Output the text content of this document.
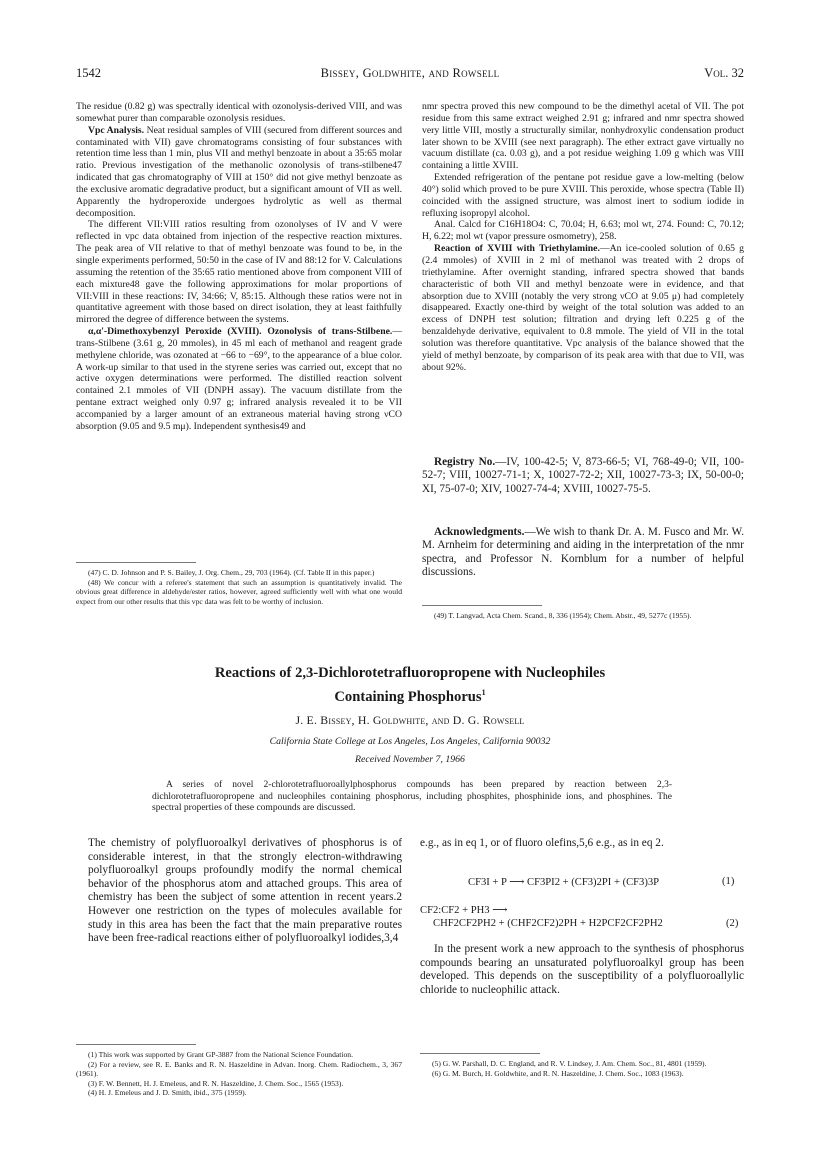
1542	Bissey, Goldwhite, and Rowsell	Vol. 32

The residue (0.82 g) was spectrally identical with ozonolysis-derived VIII, and was somewhat purer than comparable ozonolysis residues.

Vpc Analysis. Neat residual samples of VIII (secured from different sources and contaminated with VII) gave chromatograms consisting of four substances with retention time less than 1 min, plus VII and methyl benzoate in about a 35:65 molar ratio. Previous investigation of the methanolic ozonolysis of trans-stilbene47 indicated that gas chromatography of VIII at 150° did not give methyl benzoate as the exclusive aromatic degradative product, but a significant amount of VII as well. Apparently the hydroperoxide undergoes hydrolytic as well as thermal decomposition.

The different VII:VIII ratios resulting from ozonolyses of IV and V were reflected in vpc data obtained from injection of the respective reaction mixtures. The peak area of VII relative to that of methyl benzoate was found to be, in the single experiments performed, 50:50 in the case of IV and 88:12 for V. Calculations assuming the retention of the 35:65 ratio mentioned above from component VIII of each mixture48 gave the following approximations for molar proportions of VII:VIII in these reactions: IV, 34:66; V, 85:15. Although these ratios were not in quantitative agreement with those based on direct isolation, they at least faithfully mirrored the degree of difference between the systems.

α,α'-Dimethoxybenzyl Peroxide (XVIII). Ozonolysis of trans-Stilbene.—trans-Stilbene (3.61 g, 20 mmoles), in 45 ml each of methanol and reagent grade methylene chloride, was ozonated at −66 to −69°, to the appearance of a blue color. A work-up similar to that used in the styrene series was carried out, except that no active oxygen determinations were performed. The distilled reaction solvent contained 2.1 mmoles of VII (DNPH assay). The vacuum distillate from the pentane extract weighed only 0.97 g; infrared analysis revealed it to be VII accompanied by a larger amount of an extraneous material having strong νCO absorption (9.05 and 9.5 mμ). Independent synthesis49 and

(47) C. D. Johnson and P. S. Bailey, J. Org. Chem., 29, 703 (1964). (Cf. Table II in this paper.)

(48) We concur with a referee's statement that such an assumption is quantitatively invalid. The obvious great difference in aldehyde/ester ratios, however, agreed sufficiently well with what one would expect from our other results that this vpc data was felt to be worthy of inclusion.

nmr spectra proved this new compound to be the dimethyl acetal of VII. The pot residue from this same extract weighed 2.91 g; infrared and nmr spectra showed very little VIII, mostly a structurally similar, nonhydroxylic condensation product later shown to be XVIII (see next paragraph). The ether extract gave virtually no vacuum distillate (ca. 0.03 g), and a pot residue weighing 1.09 g which was VIII containing a little XVIII.

Extended refrigeration of the pentane pot residue gave a low-melting (below 40°) solid which proved to be pure XVIII. This peroxide, whose spectra (Table II) coincided with the assigned structure, was almost inert to sodium iodide in refluxing isopropyl alcohol.

Anal. Calcd for C16H18O4: C, 70.04; H, 6.63; mol wt, 274. Found: C, 70.12; H, 6.22; mol wt (vapor pressure osmometry), 258.

Reaction of XVIII with Triethylamine.—An ice-cooled solution of 0.65 g (2.4 mmoles) of XVIII in 2 ml of methanol was treated with 2 drops of triethylamine. After overnight standing, infrared spectra showed that bands characteristic of both VII and methyl benzoate were in evidence, and that absorption due to XVIII (notably the very strong νCO at 9.05 μ) had completely disappeared. Exactly one-third by weight of the total solution was added to an excess of DNPH test solution; filtration and drying left 0.225 g of the benzaldehyde derivative, equivalent to 0.8 mmole. The yield of VII in the total solution was therefore quantitative. Vpc analysis of the balance showed that the yield of methyl benzoate, by comparison of its peak area with that due to VII, was about 92%.

Registry No.—IV, 100-42-5; V, 873-66-5; VI, 768-49-0; VII, 100-52-7; VIII, 10027-71-1; X, 10027-72-2; XII, 10027-73-3; IX, 50-00-0; XI, 75-07-0; XIV, 10027-74-4; XVIII, 10027-75-5.

Acknowledgments.—We wish to thank Dr. A. M. Fusco and Mr. W. M. Arnheim for determining and aiding in the interpretation of the nmr spectra, and Professor N. Kornblum for a number of helpful discussions.

(49) T. Langvad, Acta Chem. Scand., 8, 336 (1954); Chem. Abstr., 49, 5277c (1955).

Reactions of 2,3-Dichlorotetrafluoropropene with Nucleophiles
Containing Phosphorus$^1$
J. E. Bissey, H. Goldwhite, and D. G. Rowsell
California State College at Los Angeles, Los Angeles, California 90032
Received November 7, 1966
A series of novel 2-chlorotetrafluoroallylphosphorus compounds has been prepared by reaction between 2,3-dichlorotetrafluoropropene and nucleophiles containing phosphorus, including phosphites, phosphinide ions, and phosphines. The spectral properties of these compounds are discussed.

The chemistry of polyfluoroalkyl derivatives of phosphorus is of considerable interest, in that the strongly electron-withdrawing polyfluoroalkyl groups profoundly modify the normal chemical behavior of the phosphorus atom and attached groups. This area of chemistry has been the subject of some attention in recent years.2 However one restriction on the types of molecules available for study in this area has been the fact that the main preparative routes have been free-radical reactions either of polyfluoroalkyl iodides,3,4

e.g., as in eq 1, or of fluoro olefins,5,6 e.g., as in eq 2.

CF3I + P ⟶ CF3PI2 + (CF3)2PI + (CF3)3P	(1)
CF2:CF2 + PH3 ⟶
CHF2CF2PH2 + (CHF2CF2)2PH + H2PCF2CF2PH2	(2)
In the present work a new approach to the synthesis of phosphorus compounds bearing an unsaturated polyfluoroalkyl group has been developed. This depends on the susceptibility of a polyfluoroallylic chloride to nucleophilic attack.

(1) This work was supported by Grant GP-3887 from the National Science Foundation.

(2) For a review, see R. E. Banks and R. N. Haszeldine in Advan. Inorg. Chem. Radiochem., 3, 367 (1961).

(3) F. W. Bennett, H. J. Emeleus, and R. N. Haszeldine, J. Chem. Soc., 1565 (1953).

(4) H. J. Emeleus and J. D. Smith, ibid., 375 (1959).

(5) G. W. Parshall, D. C. England, and R. V. Lindsey, J. Am. Chem. Soc., 81, 4801 (1959).

(6) G. M. Burch, H. Goldwhite, and R. N. Haszeldine, J. Chem. Soc., 1083 (1963).
